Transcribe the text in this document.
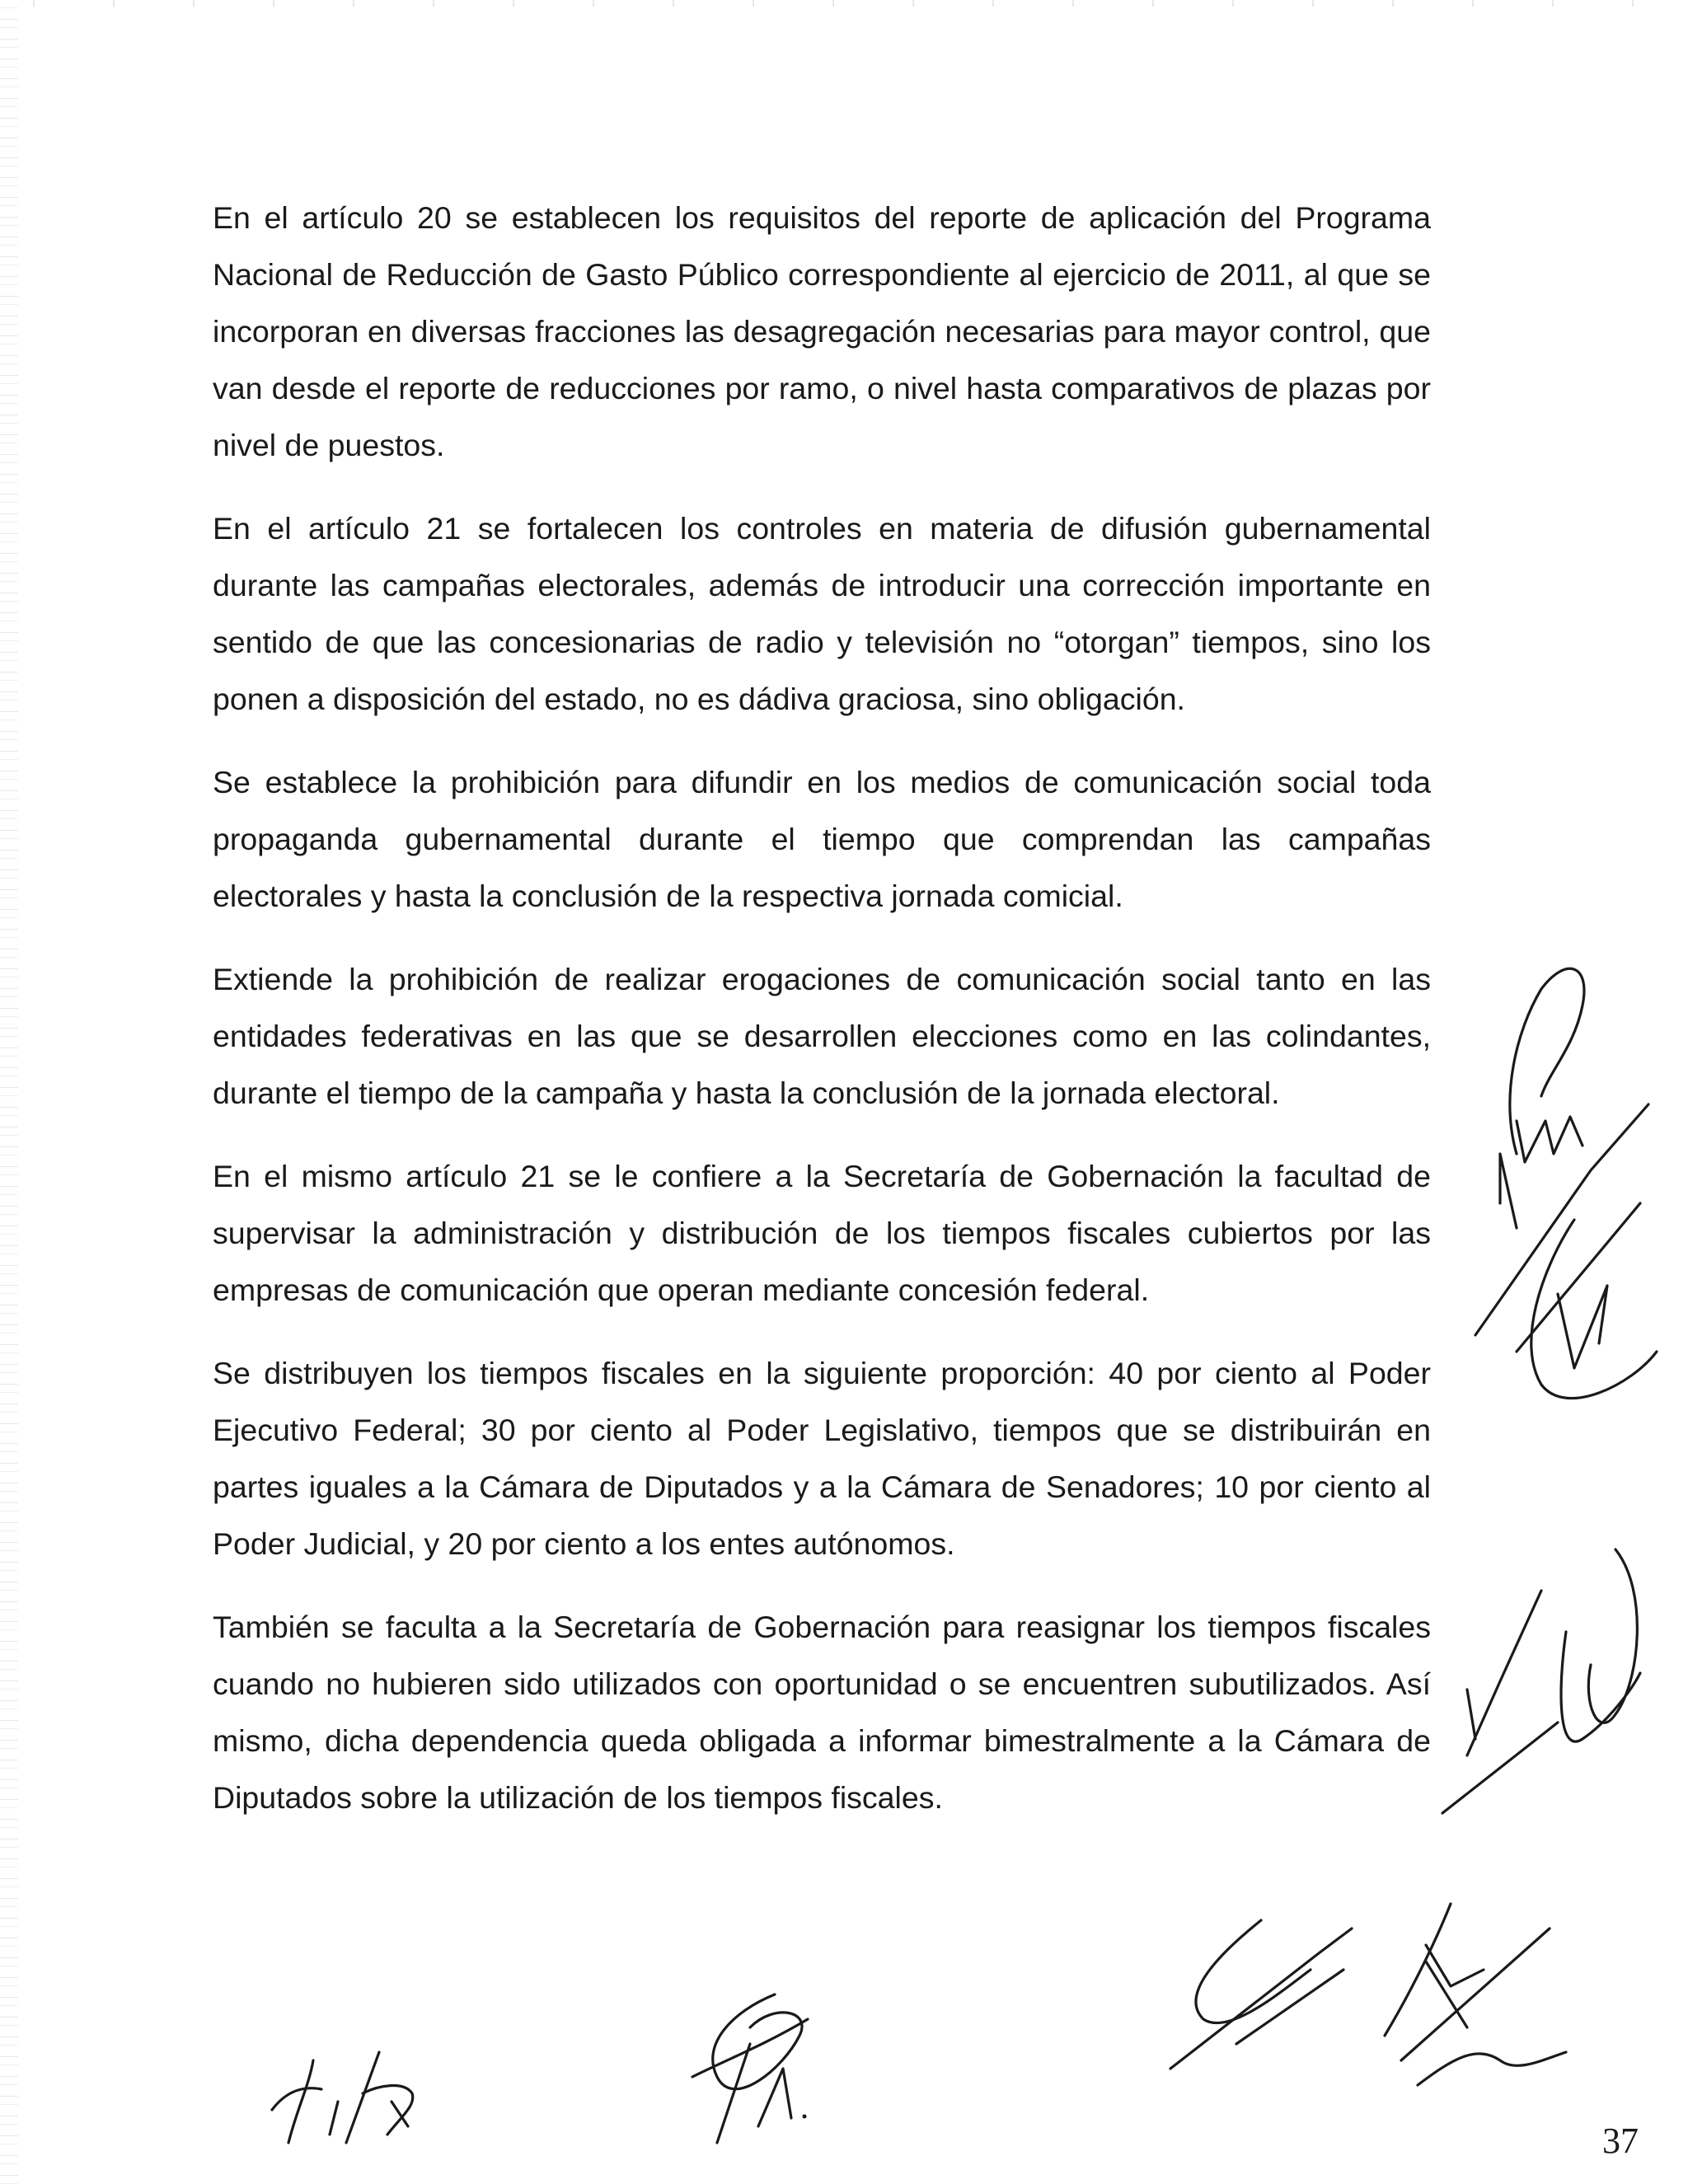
En el artículo 20 se establecen los requisitos del reporte de aplicación del Programa Nacional de Reducción de Gasto Público correspondiente al ejercicio de 2011, al que se incorporan en diversas fracciones las desagregación necesarias para mayor control, que van desde el reporte de reducciones por ramo, o nivel hasta comparativos de plazas por nivel de puestos.

En el artículo 21 se fortalecen los controles en materia de difusión gubernamental durante las campañas electorales, además de introducir una corrección importante en sentido de que las concesionarias de radio y televisión no “otorgan” tiempos, sino los ponen a disposición del estado, no es dádiva graciosa, sino obligación.

Se establece la prohibición para difundir en los medios de comunicación social toda propaganda gubernamental durante el tiempo que comprendan las campañas electorales y hasta la conclusión de la respectiva jornada comicial.

Extiende la prohibición de realizar erogaciones de comunicación social tanto en las entidades federativas en las que se desarrollen elecciones como en las colindantes, durante el tiempo de la campaña y hasta la conclusión de la jornada electoral.

En el mismo artículo 21 se le confiere a la Secretaría de Gobernación la facultad de supervisar la administración y distribución de los tiempos fiscales cubiertos por las empresas de comunicación que operan mediante concesión federal.

Se distribuyen los tiempos fiscales en la siguiente proporción: 40 por ciento al Poder Ejecutivo Federal; 30 por ciento al Poder Legislativo, tiempos que se distribuirán en partes iguales a la Cámara de Diputados y a la Cámara de Senadores; 10 por ciento al Poder Judicial, y 20 por ciento a los entes autónomos.

También se faculta a la Secretaría de Gobernación para reasignar los tiempos fiscales cuando no hubieren sido utilizados con oportunidad o se encuentren subutilizados. Así mismo, dicha dependencia queda obligada a informar bimestralmente a la Cámara de Diputados sobre la utilización de los tiempos fiscales.

37
